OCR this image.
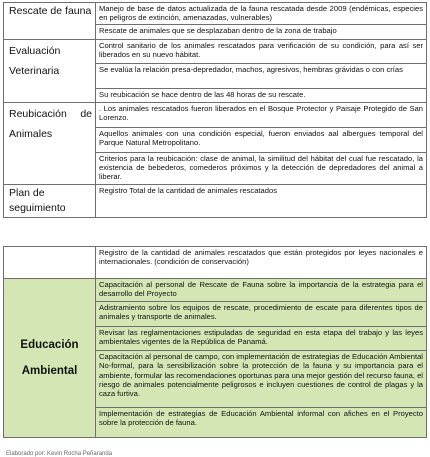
Rescate de fauna	Manejo de base de datos actualizada de la fauna rescatada desde 2009 (endémicas, especies en peligros de extinción, amenazadas, vulnerables)
	Rescate de animales que se desplazaban dentro de la zona de trabajo

Evaluación
Veterinaria	Control sanitario de los animales rescatados para verificación de su condición, para así ser liberados en su nuevo hábitat.
	Se evalúa la relación presa-depredador, machos, agresivos, hembras grávidas o con crías
	Su reubicación se hace dentro de las 48 horas de su rescate.

Reubicación de
Animales	. Los animales rescatados fueron liberados en el Bosque Protector y Paisaje Protegido de San Lorenzo.
	Aquellos animales con una condición especial, fueron enviados aal albergues temporal del Parque Natural Metropolitano.
	Criterios para la reubicación: clase de animal, la similitud del hábitat del cual fue rescatado, la existencia de bebederos, comederos próximos y la detección de depredadores del animal a liberar.
Plan de seguimiento	Registro Total de la cantidad de animales rescatados
	Registro de la cantidad de animales rescatados que están protegidos por leyes nacionales e internacionales. (condición de conservación)

Educación
Ambiental	Capacitación al personal de Rescate de Fauna sobre la importancia de la estrategia para el desarrollo del Proyecto
	Adistramiento sobre los equipos de rescate, procedimiento de escate para diferentes tipos de animales y transporte de animales.
	Revisar las reglamentaciones estipuladas de seguridad en esta etapa del trabajo y las leyes ambientales vigentes de la República de Panamá.
	Capacitación al personal de campo, con implementación de estrategias de Educación Ambiental No-formal, para la sensibilización sobre la protección de la fauna y su importancia para el ambiente, formular las recomendaciones oportunas para una mejor gestión del recurso fauna, el riesgo de animales potencialmente peligrosos e incluyen cuestiones de control de plagas y la caza furtiva.
	Implementación de estrategias de Educación Ambiental informal con afiches en el Proyecto sobre la protección de fauna.
Elaborado por: Kevin Rocha Peñaranda
